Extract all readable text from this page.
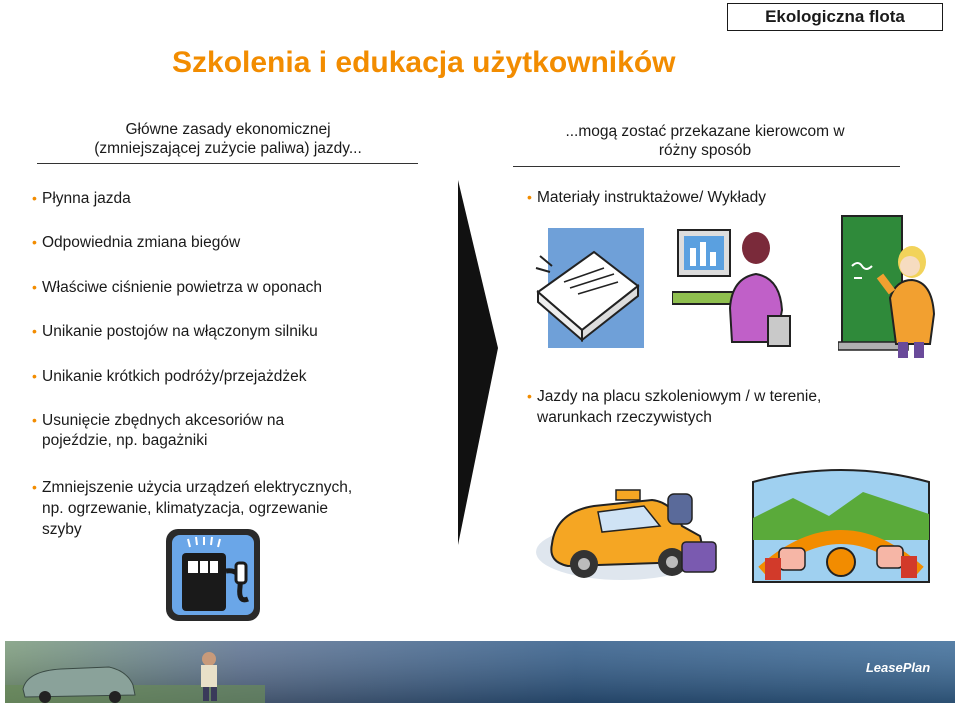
Ekologiczna flota
Szkolenia i edukacja użytkowników
Główne zasady ekonomicznej
(zmniejszającej zużycie paliwa) jazdy...
• Płynna jazda
• Odpowiednia zmiana biegów
• Właściwe ciśnienie powietrza w oponach
• Unikanie postojów na włączonym silniku
• Unikanie krótkich podróży/przejażdżek
• Usunięcie zbędnych akcesoriów na
pojeździe, np. bagażniki
• Zmniejszenie użycia urządzeń elektrycznych,
np. ogrzewanie, klimatyzacja, ogrzewanie
szyby
...mogą zostać przekazane kierowcom w
różny sposób
• Materiały instruktażowe/ Wykłady
• Jazdy na placu szkoleniowym / w terenie,
warunkach rzeczywistych
LeasePlan
